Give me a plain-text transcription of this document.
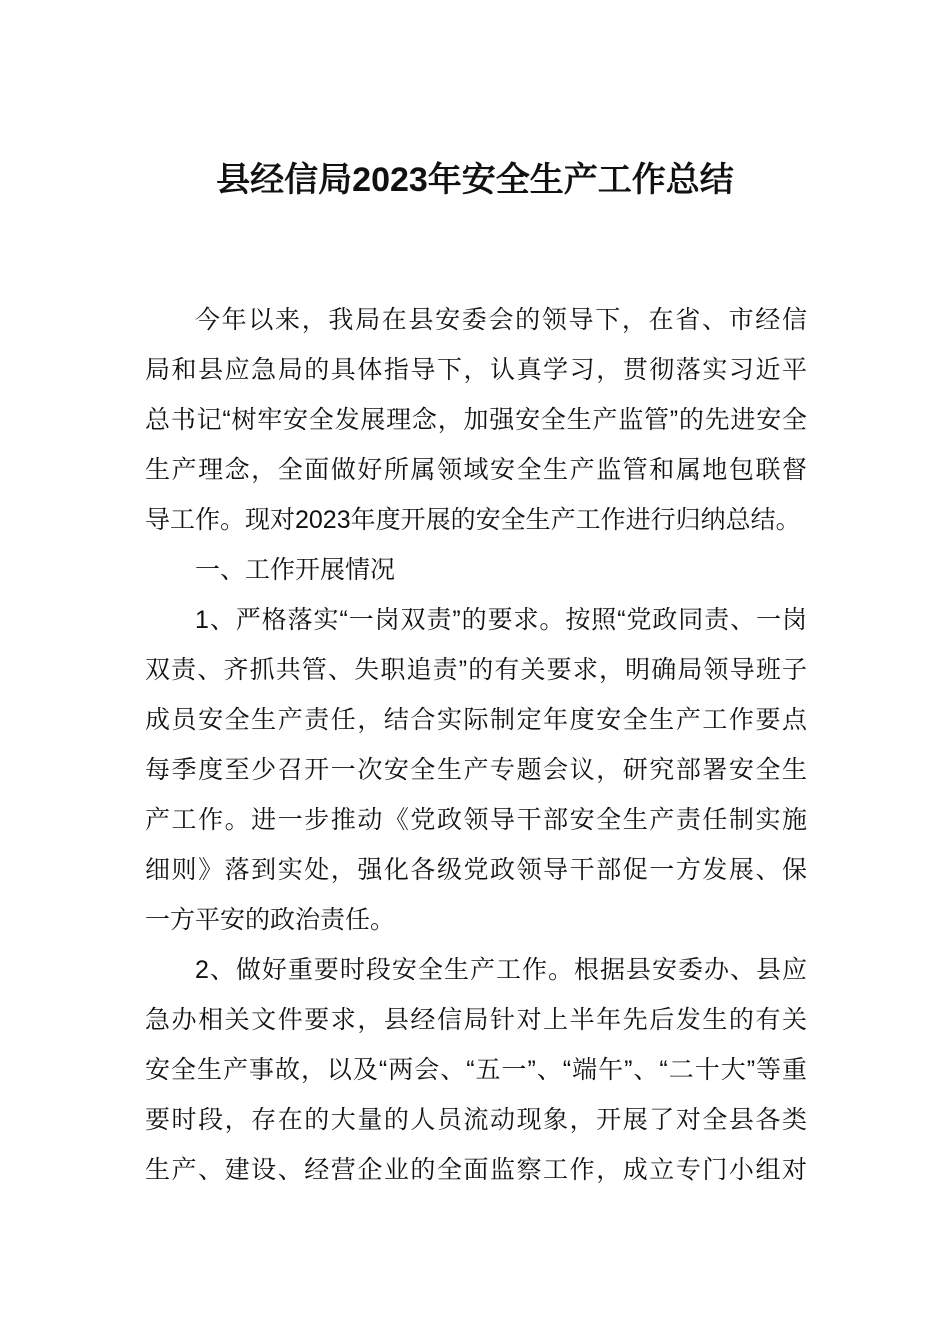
县经信局2023年安全生产工作总结
今年以来，我局在县安委会的领导下，在省、市经信
局和县应急局的具体指导下，认真学习，贯彻落实习近平
总书记“树牢安全发展理念，加强安全生产监管”的先进安全
生产理念，全面做好所属领域安全生产监管和属地包联督
导工作。现对2023年度开展的安全生产工作进行归纳总结。
一、工作开展情况
1、严格落实“一岗双责”的要求。按照“党政同责、一岗
双责、齐抓共管、失职追责”的有关要求，明确局领导班子
成员安全生产责任，结合实际制定年度安全生产工作要点
每季度至少召开一次安全生产专题会议，研究部署安全生
产工作。进一步推动《党政领导干部安全生产责任制实施
细则》落到实处，强化各级党政领导干部促一方发展、保
一方平安的政治责任。
2、做好重要时段安全生产工作。根据县安委办、县应
急办相关文件要求，县经信局针对上半年先后发生的有关
安全生产事故，以及“两会、“五一”、“端午”、“二十大”等重
要时段，存在的大量的人员流动现象，开展了对全县各类
生产、建设、经营企业的全面监察工作，成立专门小组对
